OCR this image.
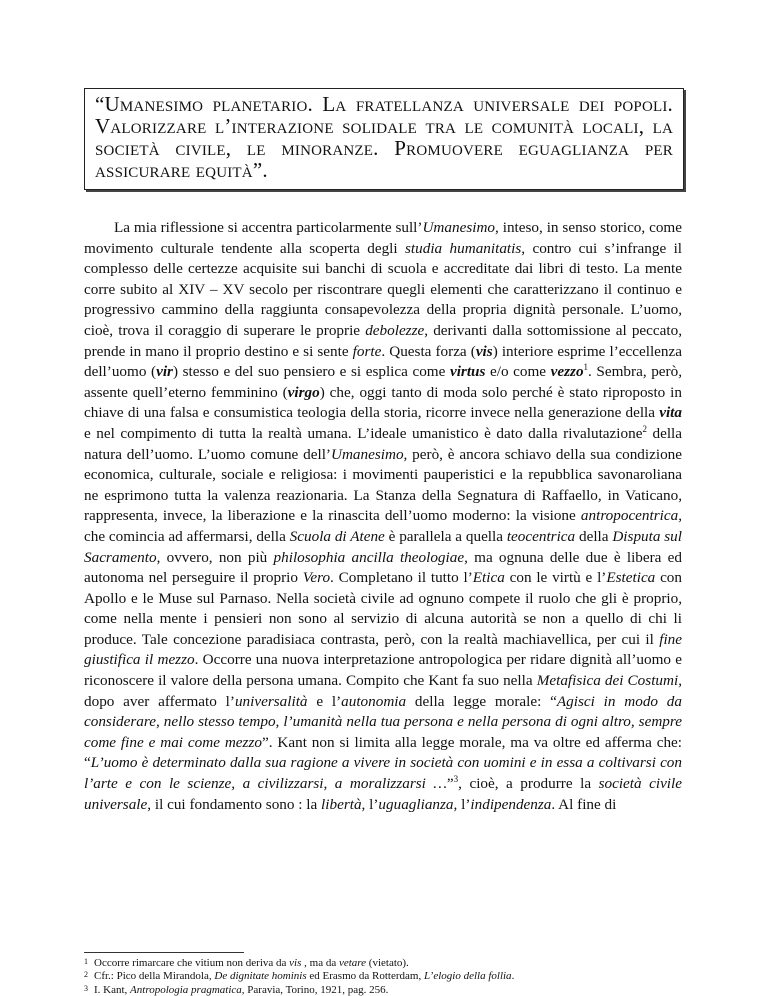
“Umanesimo planetario. La fratellanza universale dei popoli. Valorizzare l’interazione solidale tra le comunità locali, la società civile, le minoranze. Promuovere eguaglianza per assicurare equità”.

La mia riflessione si accentra particolarmente sull’Umanesimo, inteso, in senso storico, come movimento culturale tendente alla scoperta degli studia humanitatis, contro cui s’infrange il complesso delle certezze acquisite sui banchi di scuola e accreditate dai libri di testo. La mente corre subito al XIV – XV secolo per riscontrare quegli elementi che caratterizzano il continuo e progressivo cammino della raggiunta consapevolezza della propria dignità personale. L’uomo, cioè, trova il coraggio di superare le proprie debolezze, derivanti dalla sottomissione al peccato, prende in mano il proprio destino e si sente forte. Questa forza (vis) interiore esprime l’eccellenza dell’uomo (vir) stesso e del suo pensiero e si esplica come virtus e/o come vezzo$^1$. Sembra, però, assente quell’eterno femminino (virgo) che, oggi tanto di moda solo perché è stato riproposto in chiave di una falsa e consumistica teologia della storia, ricorre invece nella generazione della vita e nel compimento di tutta la realtà umana. L’ideale umanistico è dato dalla rivalutazione$^2$ della natura dell’uomo. L’uomo comune dell’Umanesimo, però, è ancora schiavo della sua condizione economica, culturale, sociale e religiosa: i movimenti pauperistici e la repubblica savonaroliana ne esprimono tutta la valenza reazionaria. La Stanza della Segnatura di Raffaello, in Vaticano, rappresenta, invece, la liberazione e la rinascita dell’uomo moderno: la visione antropocentrica, che comincia ad affermarsi, della Scuola di Atene è parallela a quella teocentrica della Disputa sul Sacramento, ovvero, non più philosophia ancilla theologiae, ma ognuna delle due è libera ed autonoma nel perseguire il proprio Vero. Completano il tutto l’Etica con le virtù e l’Estetica con Apollo e le Muse sul Parnaso. Nella società civile ad ognuno compete il ruolo che gli è proprio, come nella mente i pensieri non sono al servizio di alcuna autorità se non a quello di chi li produce. Tale concezione paradisiaca contrasta, però, con la realtà machiavellica, per cui il fine giustifica il mezzo. Occorre una nuova interpretazione antropologica per ridare dignità all’uomo e riconoscere il valore della persona umana. Compito che Kant fa suo nella Metafisica dei Costumi, dopo aver affermato l’universalità e l’autonomia della legge morale: “Agisci in modo da considerare, nello stesso tempo, l’umanità nella tua persona e nella persona di ogni altro, sempre come fine e mai come mezzo”. Kant non si limita alla legge morale, ma va oltre ed afferma che: “L’uomo è determinato dalla sua ragione a vivere in società con uomini e in essa a coltivarsi con l’arte e con le scienze, a civilizzarsi, a moralizzarsi …”$^3$, cioè, a produrre la società civile universale, il cui fondamento sono : la libertà, l’uguaglianza, l’indipendenza. Al fine di

1 Occorre rimarcare che vitium non deriva da vis , ma da vetare (vietato).
2 Cfr.: Pico della Mirandola, De dignitate hominis ed Erasmo da Rotterdam, L’elogio della follia.
3 I. Kant, Antropologia pragmatica, Paravia, Torino, 1921, pag. 256.
